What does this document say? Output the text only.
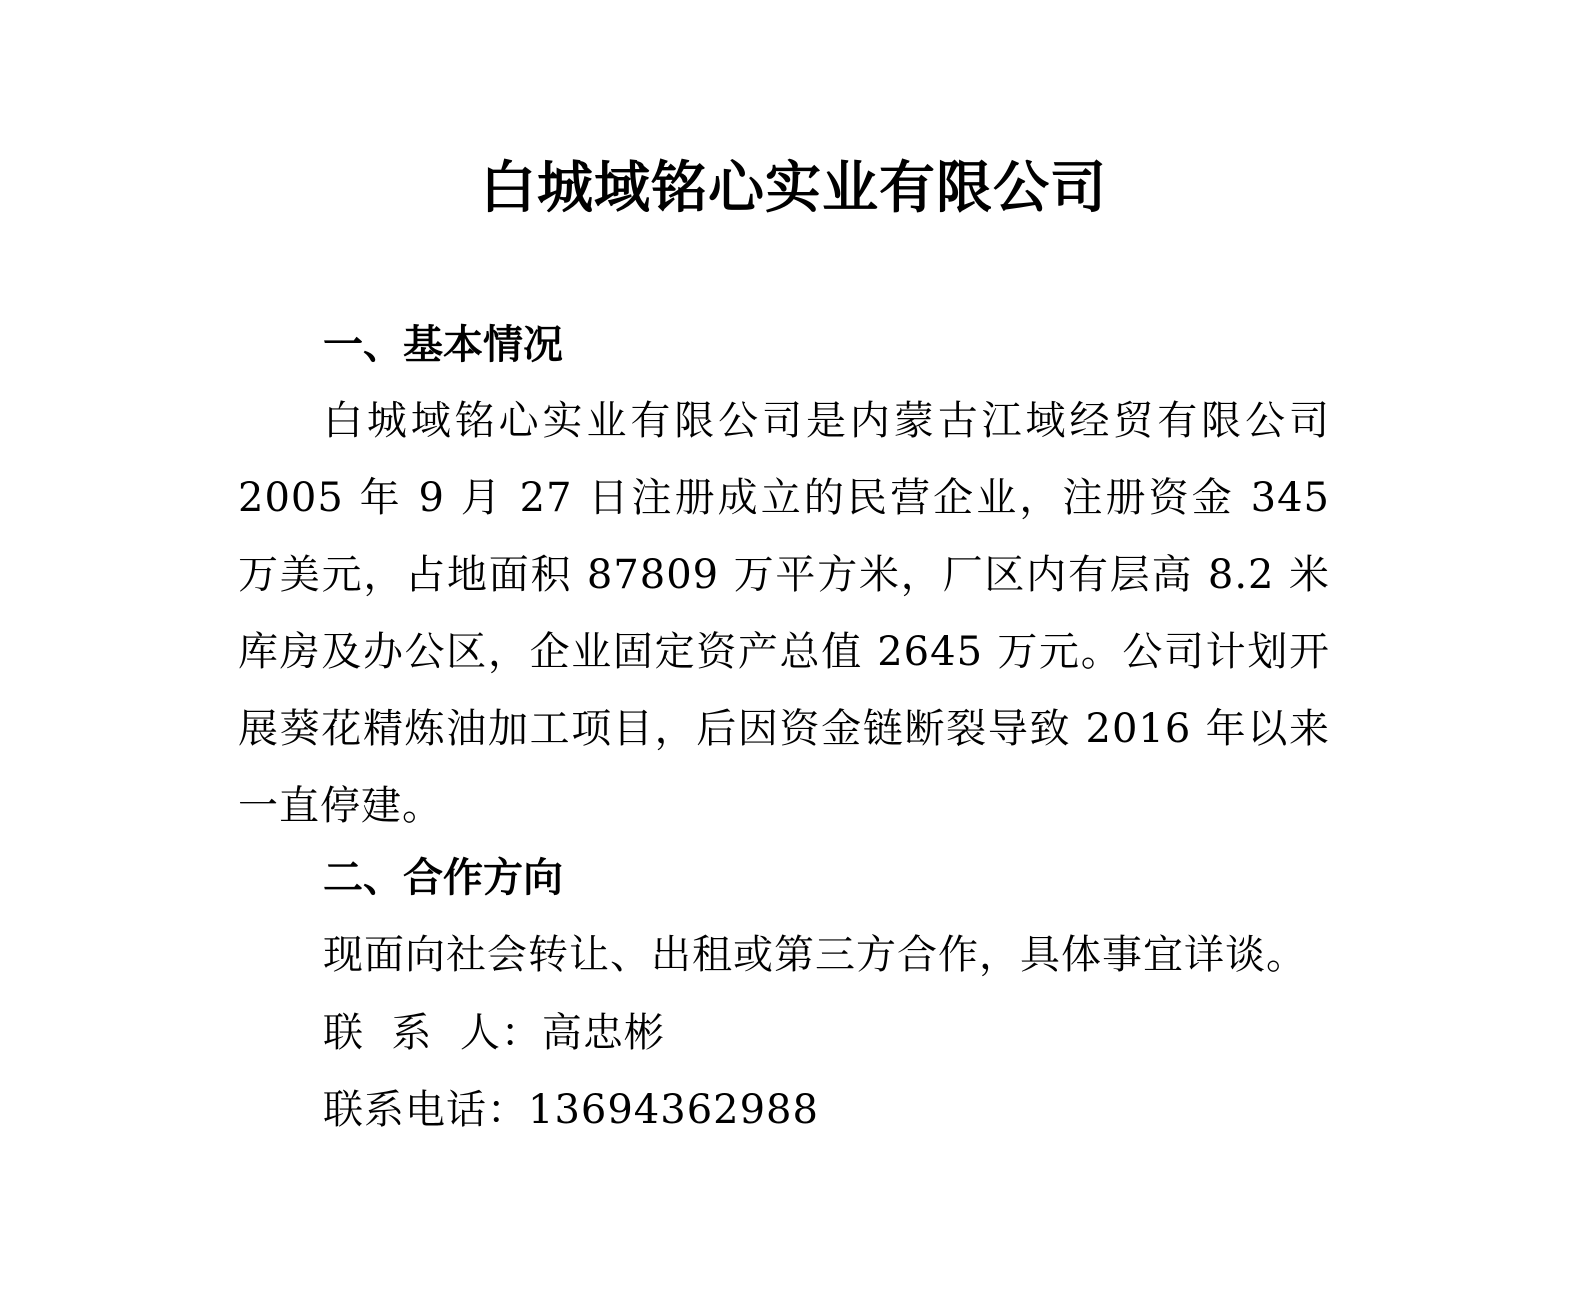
白城域铭心实业有限公司
一、基本情况
白城域铭心实业有限公司是内蒙古江域经贸有限公司2005 年 9 月 27 日注册成立的民营企业，注册资金 345 万美元，占地面积 87809 万平方米，厂区内有层高 8.2 米库房及办公区，企业固定资产总值 2645 万元。公司计划开展葵花精炼油加工项目，后因资金链断裂导致 2016 年以来一直停建。
二、合作方向
现面向社会转让、出租或第三方合作，具体事宜详谈。
联  系  人：高忠彬
联系电话：13694362988
